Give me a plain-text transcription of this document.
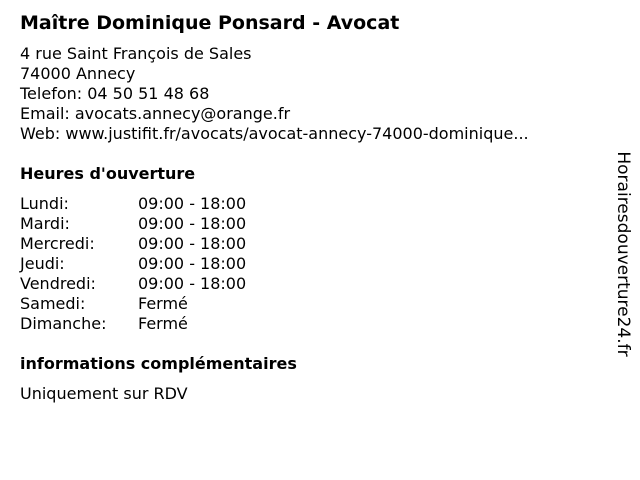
Maître Dominique Ponsard - Avocat
4 rue Saint François de Sales
74000 Annecy
Telefon: 04 50 51 48 68
Email: avocats.annecy@orange.fr
Web: www.justifit.fr/avocats/avocat-annecy-74000-dominique...
Heures d'ouverture
Lundi:	09:00 - 18:00
Mardi:	09:00 - 18:00
Mercredi:	09:00 - 18:00
Jeudi:	09:00 - 18:00
Vendredi:	09:00 - 18:00
Samedi:	Fermé
Dimanche: Fermé
informations complémentaires
Uniquement sur RDV
Horairesdouverture24.fr
